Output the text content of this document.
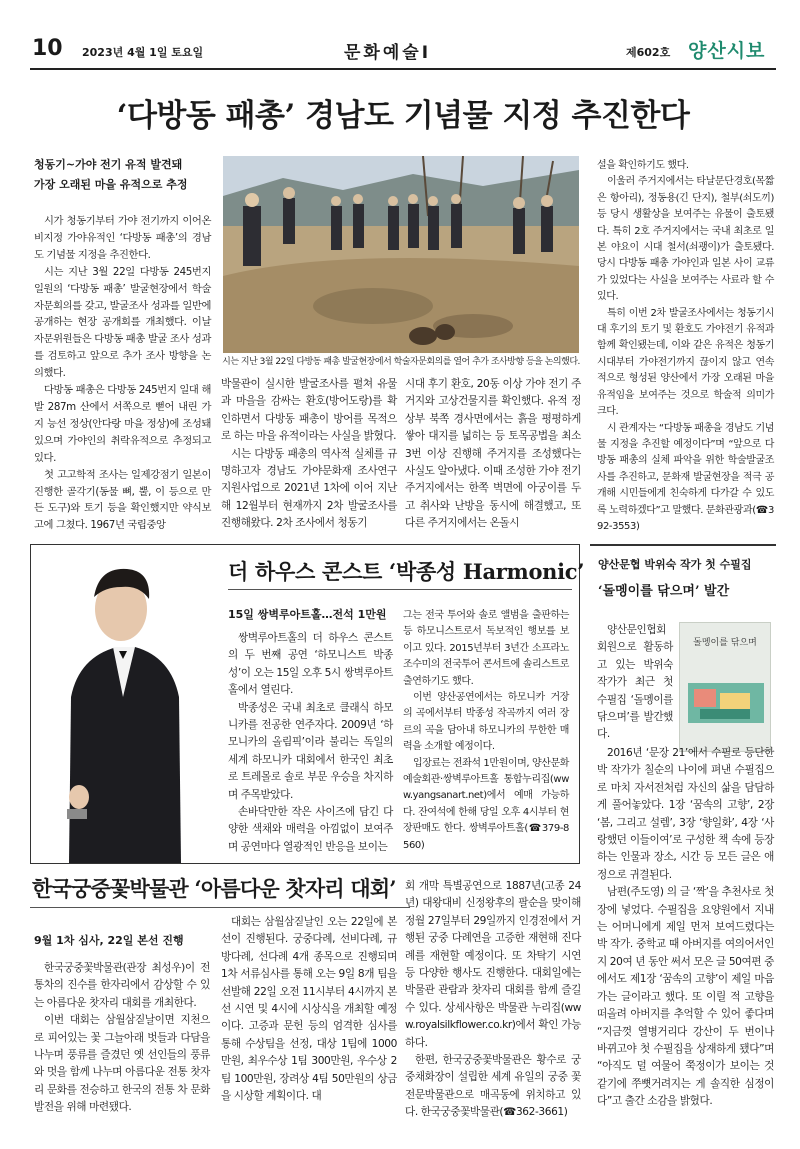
10 2023년 4월 1일 토요일	문화예술Ⅰ	제602호 양산시보
‘다방동 패총’ 경남도 기념물 지정 추진한다
청동기~가야 전기 유적 발견돼
가장 오래된 마을 유적으로 추정
시가 청동기부터 가야 전기까지 이어온 비지정 가야유적인 ‘다방동 패총’의 경남도 기념물 지정을 추진한다.
시는 지난 3월 22일 다방동 245번지 일원의 ‘다방동 패총’ 발굴현장에서 학술 자문회의를 갖고, 발굴조사 성과를 일반에 공개하는 현장 공개회를 개최했다. 이날 자문위원들은 다방동 패총 발굴 조사 성과를 검토하고 앞으로 추가 조사 방향을 논의했다.
다방동 패총은 다방동 245번지 일대 해발 287m 산에서 서쪽으로 뻗어 내린 가지 능선 정상(안다랑 마을 정상)에 조성돼 있으며 가야인의 취락유적으로 추정되고 있다.
첫 고고학적 조사는 일제강점기 일본이 진행한 골각기(동물 뼈, 뿔, 이 등으로 만든 도구)와 토기 등을 확인했지만 약식보고에 그쳤다. 1967년 국립중앙
시는 지난 3월 22일 다방동 패총 발굴현장에서 학술자문회의를 열어 추가 조사방향 등을 논의했다.
박물관이 실시한 발굴조사를 펼쳐 유물과 마을을 감싸는 환호(방어도랑)를 확인하면서 다방동 패총이 방어를 목적으로 하는 마을 유적이라는 사실을 밝혔다.
시는 다방동 패총의 역사적 실체를 규명하고자 경남도 가야문화재 조사연구 지원사업으로 2021년 1차에 이어 지난해 12월부터 현재까지 2차 발굴조사를 진행해왔다. 2차 조사에서 청동기
시대 후기 환호, 20동 이상 가야 전기 주거지와 고상건물지를 확인했다. 유적 정상부 북쪽 경사면에서는 흙을 평평하게 쌓아 대지를 넓히는 등 토목공법을 최소 3번 이상 진행해 주거지를 조성했다는 사실도 알아냈다. 이때 조성한 가야 전기 주거지에서는 한쪽 벽면에 아궁이를 두고 취사와 난방을 동시에 해결했고, 또 다른 주거지에서는 온돌시
설을 확인하기도 했다.
이울러 주거지에서는 타날문단경호(목짧은 항아리), 정동용(긴 단지), 철부(쇠도끼) 등 당시 생활상을 보여주는 유물이 출토됐다. 특히 2호 주거지에서는 국내 최초로 일본 야요이 시대 철서(쇠괭이)가 출토됐다. 당시 다방동 패총 가야인과 일본 사이 교류가 있었다는 사실을 보여주는 사료라 할 수 있다.
특히 이번 2차 발굴조사에서는 청동기시대 후기의 토기 및 환호도 가야전기 유적과 함께 확인됐는데, 이와 같은 유적은 청동기시대부터 가야전기까지 끊이지 않고 연속적으로 형성된 양산에서 가장 오래된 마을 유적임을 보여주는 것으로 학술적 의미가 크다.
시 관계자는 “다방동 패총을 경남도 기념물 지정을 추진할 예정이다”며 “앞으로 다방동 패총의 실체 파악을 위한 학술발굴조사를 추진하고, 문화재 발굴현장을 적극 공개해 시민들에게 친숙하게 다가갈 수 있도록 노력하겠다”고 말했다. 문화관광과(☎392-3553)
더 하우스 콘스트 ‘박종성 Harmonic’
15일 쌍벽루아트홀…전석 1만원
쌍벽루아트홀의 더 하우스 콘스트의 두 번째 공연 ‘하모니스트 박종성’이 오는 15일 오후 5시 쌍벽루아트홀에서 열린다.
박종성은 국내 최초로 클래식 하모니카를 전공한 연주자다. 2009년 ‘하모니카의 올림픽’이라 불리는 독일의 세계 하모니카 대회에서 한국인 최초로 트레몰로 솔로 부문 우승을 차지하며 주목받았다.
손바닥만한 작은 사이즈에 담긴 다양한 색채와 매력을 아낌없이 보여주며 공연마다 열광적인 반응을 보이는
그는 전국 투어와 솔로 앨범을 출판하는 등 하모니스트로서 독보적인 행보를 보이고 있다. 2015년부터 3년간 소프라노 조수미의 전국투어 콘서트에 솔리스트로 출연하기도 했다.
이번 양산공연에서는 하모니카 거장의 곡에서부터 박종성 작곡까지 여러 장르의 곡을 담아내 하모니카의 무한한 매력을 소개할 예정이다.
입장료는 전좌석 1만원이며, 양산문화예술회관·쌍벽루아트홀 통합누리집(www.yangsanart.net)에서 예매 가능하다. 잔여석에 한해 당일 오후 4시부터 현장판매도 한다. 쌍벽루아트홀(☎379-8560)
양산문협 박위숙 작가 첫 수필집
‘돌멩이를 닦으며’ 발간
돌멩이를 닦으며
양산문인협회 회원으로 활동하고 있는 박위숙 작가가 최근 첫 수필집 ‘돌멩이를 닦으며’를 발간했다.
2016년 ‘문장 21’에서 수필로 등단한 박 작가가 칠순의 나이에 펴낸 수필집으로 마치 자서전처럼 자신의 삶을 담담하게 풀어놓았다. 1장 ‘꿈속의 고향’, 2장 ‘봄, 그리고 설렘’, 3장 ‘향일화’, 4장 ‘사랑했던 이들이여’로 구성한 책 속에 등장하는 인물과 장소, 시간 등 모든 글은 애정으로 귀결된다.
남편(주도영) 의 글 ‘짝’을 추천사로 첫 장에 넣었다. 수필집을 요양원에서 지내는 어머니에게 제일 먼저 보여드렸다는 박 작가. 중학교 때 아버지를 여의어서인지 20여 년 동안 써서 모은 글 50여편 중에서도 제1장 ‘꿈속의 고향’이 제일 마음가는 글이라고 했다. 또 이릴 적 고향을 떠올려 아버지를 추억할 수 있어 좋다며 “지금껏 열병거리다 강산이 두 번이나 바뀌고야 첫 수필집을 상재하게 됐다”며 “아직도 덜 여물어 쭉정이가 보이는 것 같기에 쭈뼛거려지는 게 솔직한 심정이다”고 출간 소감을 밝혔다.
한국궁중꽃박물관 ‘아름다운 찻자리 대회’
9월 1차 심사, 22일 본선 진행
한국궁중꽃박물관(관장 최성우)이 전통차의 진수를 한자리에서 감상할 수 있는 아름다운 찻자리 대회를 개최한다.
이번 대회는 삼월삼짇날이면 지천으로 피어있는 꽃 그늘아래 벗들과 다담을 나누며 풍류를 즐겼던 옛 선인들의 풍류와 멋을 함께 나누며 아름다운 전통 찻자리 문화를 전승하고 한국의 전통 차 문화 발전을 위해 마련됐다.
대회는 삼월삼짇날인 오는 22일에 본선이 진행된다. 궁중다례, 선비다례, 규방다례, 선다례 4개 종목으로 진행되며 1차 서류심사를 통해 오는 9일 8개 팀을 선발해 22일 오전 11시부터 4시까지 본선 시연 및 4시에 시상식을 개최할 예정이다. 고증과 문헌 등의 엄격한 심사를 통해 수상팀을 선정, 대상 1팀에 1000만원, 최우수상 1팀 300만원, 우수상 2팀 100만원, 장려상 4팀 50만원의 상금을 시상할 계획이다. 대
회 개막 특별공연으로 1887년(고종 24년) 대왕대비 신정왕후의 팔순을 맞이해 정월 27일부터 29일까지 인경전에서 거행된 궁중 다례연을 고증한 재현해 진다례를 재현할 예정이다. 또 차탁기 시연 등 다양한 행사도 진행한다. 대회일에는 박물관 관람과 찻자리 대회를 함께 즐길 수 있다. 상세사항은 박물관 누리집(www.royalsilkflower.co.kr)에서 확인 가능하다.
한편, 한국궁중꽃박물관은 황수로 궁중채화장이 설립한 세계 유일의 궁중 꽃 전문박물관으로 매곡동에 위치하고 있다. 한국궁중꽃박물관(☎362-3661)
